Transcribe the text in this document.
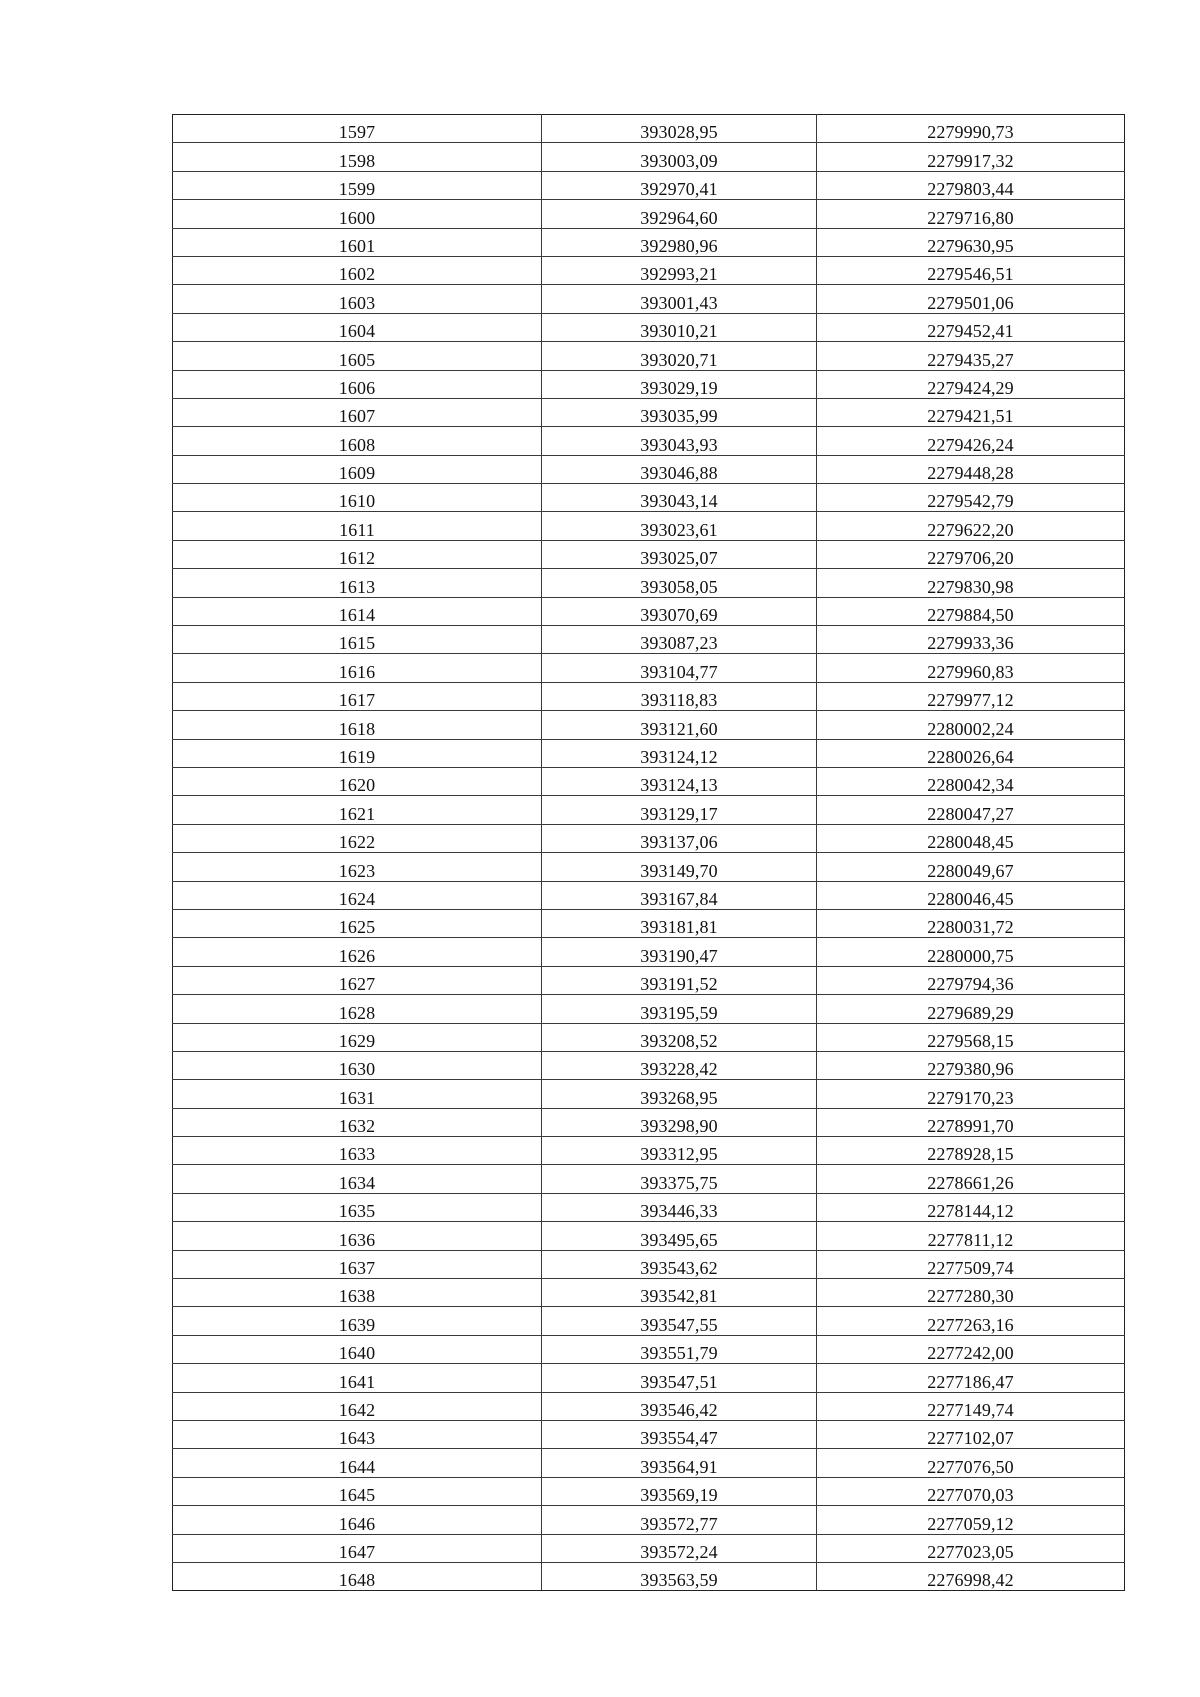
1597	393028,95	2279990,73
1598	393003,09	2279917,32
1599	392970,41	2279803,44
1600	392964,60	2279716,80
1601	392980,96	2279630,95
1602	392993,21	2279546,51
1603	393001,43	2279501,06
1604	393010,21	2279452,41
1605	393020,71	2279435,27
1606	393029,19	2279424,29
1607	393035,99	2279421,51
1608	393043,93	2279426,24
1609	393046,88	2279448,28
1610	393043,14	2279542,79
1611	393023,61	2279622,20
1612	393025,07	2279706,20
1613	393058,05	2279830,98
1614	393070,69	2279884,50
1615	393087,23	2279933,36
1616	393104,77	2279960,83
1617	393118,83	2279977,12
1618	393121,60	2280002,24
1619	393124,12	2280026,64
1620	393124,13	2280042,34
1621	393129,17	2280047,27
1622	393137,06	2280048,45
1623	393149,70	2280049,67
1624	393167,84	2280046,45
1625	393181,81	2280031,72
1626	393190,47	2280000,75
1627	393191,52	2279794,36
1628	393195,59	2279689,29
1629	393208,52	2279568,15
1630	393228,42	2279380,96
1631	393268,95	2279170,23
1632	393298,90	2278991,70
1633	393312,95	2278928,15
1634	393375,75	2278661,26
1635	393446,33	2278144,12
1636	393495,65	2277811,12
1637	393543,62	2277509,74
1638	393542,81	2277280,30
1639	393547,55	2277263,16
1640	393551,79	2277242,00
1641	393547,51	2277186,47
1642	393546,42	2277149,74
1643	393554,47	2277102,07
1644	393564,91	2277076,50
1645	393569,19	2277070,03
1646	393572,77	2277059,12
1647	393572,24	2277023,05
1648	393563,59	2276998,42
